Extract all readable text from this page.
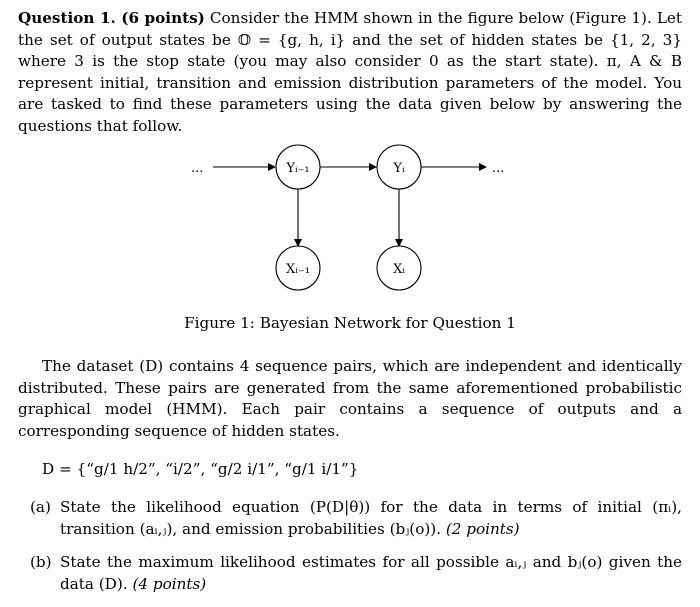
Question 1. (6 points) Consider the HMM shown in the figure below (Figure 1). Let the set of output states be 𝕆 = {g, h, i} and the set of hidden states be {1, 2, 3} where 3 is the stop state (you may also consider 0 as the start state). π, A & B represent initial, transition and emission distribution parameters of the model. You are tasked to find these parameters using the data given below by answering the questions that follow.

...	Yᵢ₋₁	Yᵢ	...
Xᵢ₋₁	Xᵢ
Figure 1: Bayesian Network for Question 1

The dataset (D) contains 4 sequence pairs, which are independent and identically distributed. These pairs are generated from the same aforementioned probabilistic graphical model (HMM). Each pair contains a sequence of outputs and a corresponding sequence of hidden states.

D = {“g/1 h/2”, “i/2”, “g/2 i/1”, “g/1 i/1”}
(a) State the likelihood equation (P(D|θ)) for the data in terms of initial (πᵢ), transition (aᵢ,ⱼ), and emission probabilities (bⱼ(o)). (2 points)
(b) State the maximum likelihood estimates for all possible aᵢ,ⱼ and bⱼ(o) given the data (D). (4 points)
